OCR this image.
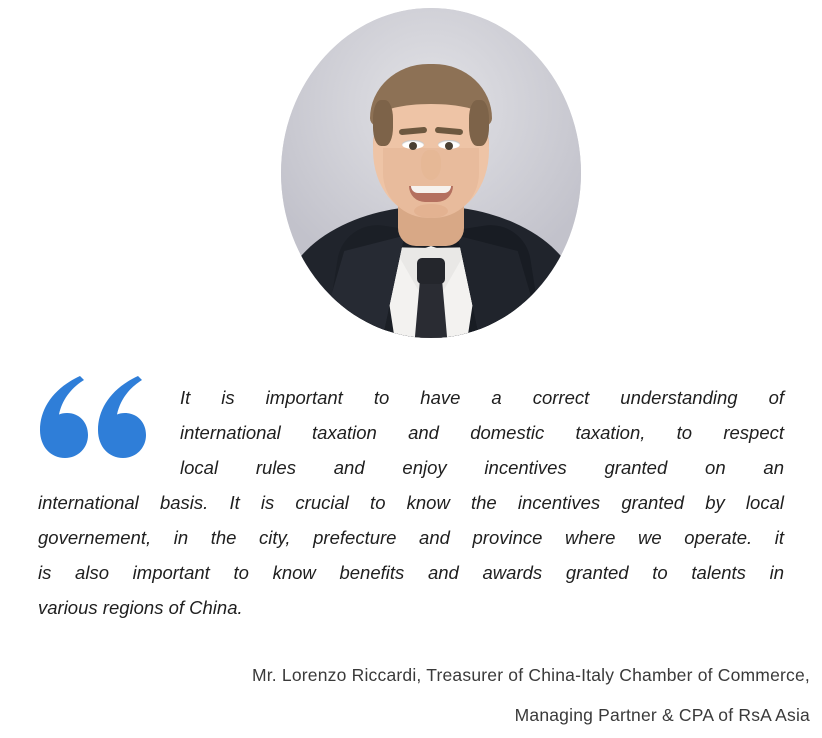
It is important to have a correct understanding of
international taxation and domestic taxation, to respect
local rules and enjoy incentives granted on an
international basis. It is crucial to know the incentives granted by local
governement, in the city, prefecture and province where we operate. it
is also important to know benefits and awards granted to talents in
various regions of China.
Mr. Lorenzo Riccardi, Treasurer of China-Italy Chamber of Commerce,
Managing Partner & CPA of RsA Asia
